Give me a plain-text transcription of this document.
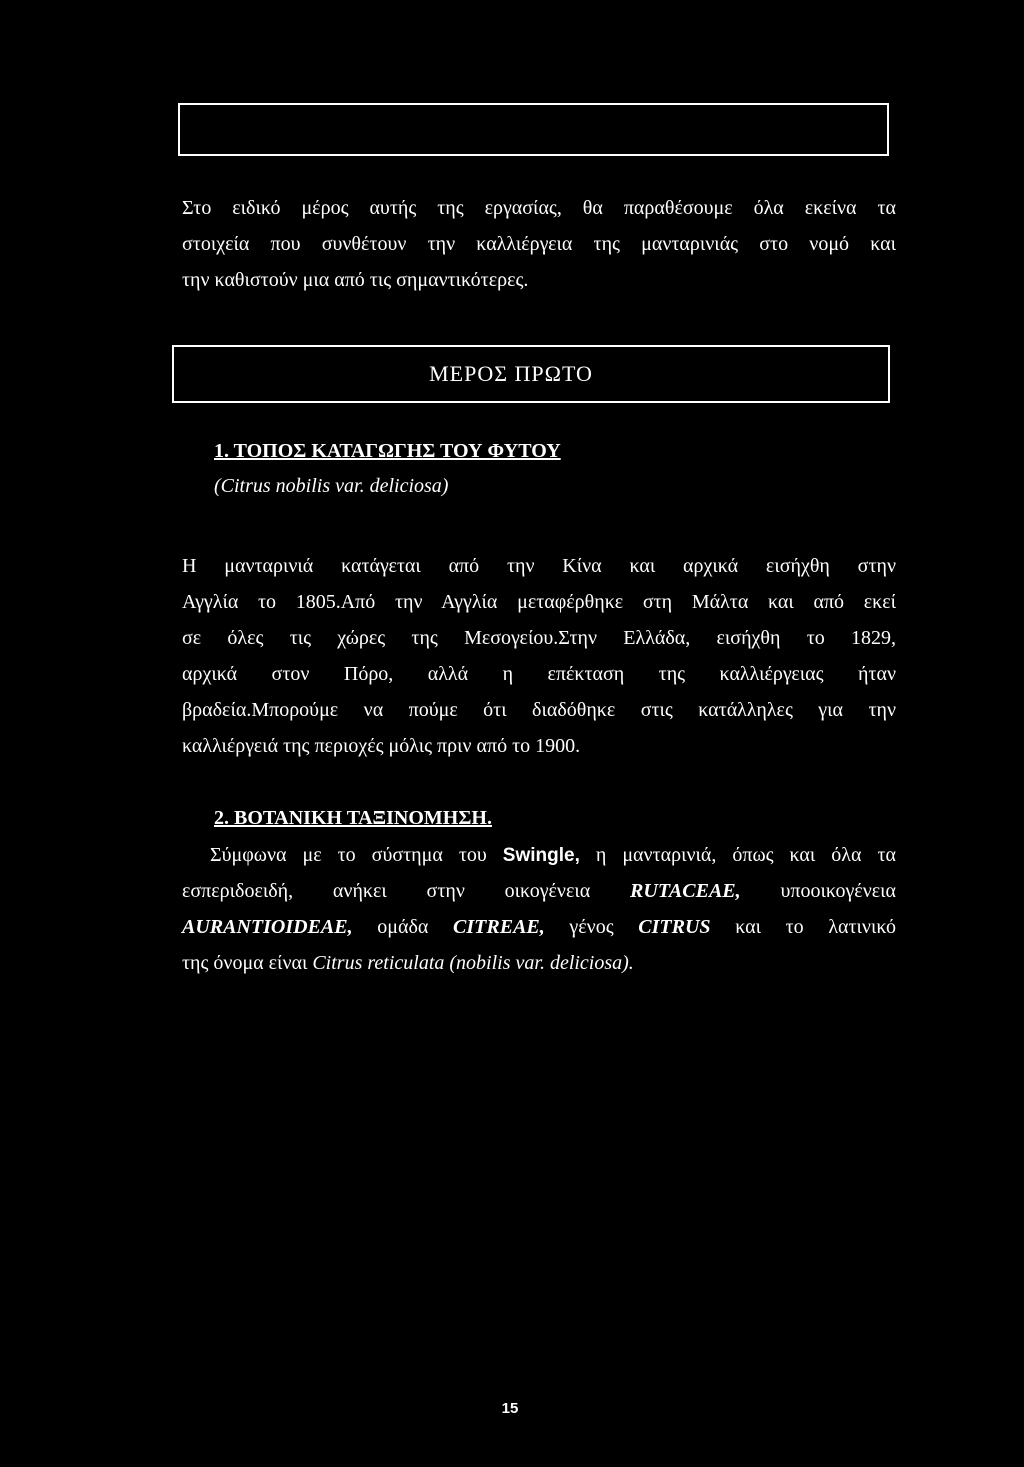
Στο ειδικό μέρος αυτής της εργασίας, θα παραθέσουμε όλα εκείνα τα
στοιχεία που συνθέτουν την καλλιέργεια της μανταρινιάς στο νομό και
την καθιστούν μια από τις σημαντικότερες.
ΜΕΡΟΣ ΠΡΩΤΟ
1. ΤΟΠΟΣ ΚΑΤΑΓΩΓΗΣ ΤΟΥ ΦΥΤΟΥ
(Citrus nobilis var. deliciosa)
Η μανταρινιά κατάγεται από την Κίνα και αρχικά εισήχθη στην
Αγγλία το 1805.Από την Αγγλία μεταφέρθηκε στη Μάλτα και από εκεί
σε όλες τις χώρες της Μεσογείου.Στην Ελλάδα, εισήχθη το 1829,
αρχικά στον Πόρο, αλλά η επέκταση της καλλιέργειας ήταν
βραδεία.Μπορούμε να πούμε ότι διαδόθηκε στις κατάλληλες για την
καλλιέργειά της περιοχές μόλις πριν από το 1900.
2. ΒΟΤΑΝΙΚΗ ΤΑΞΙΝΟΜΗΣΗ.
Σύμφωνα με το σύστημα του Swingle, η μανταρινιά, όπως και όλα τα
εσπεριδοειδή, ανήκει στην οικογένεια RUTACEAE, υποοικογένεια
AURANTIOIDEAE, ομάδα CITREAE, γένος CITRUS και το λατινικό
της όνομα είναι Citrus reticulata (nobilis var. deliciosa).
15
